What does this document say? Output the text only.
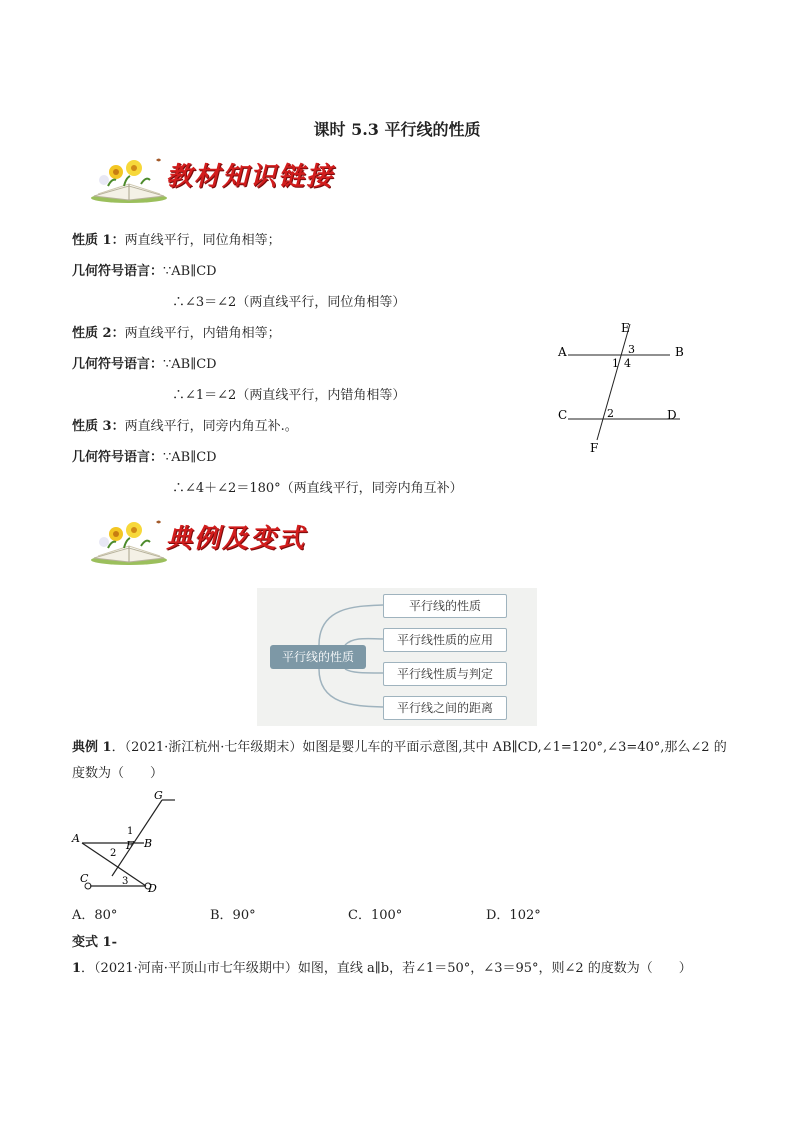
课时 5.3 平行线的性质
教材知识链接
性质 1：两直线平行，同位角相等；
几何符号语言：∵AB∥CD
∴∠3＝∠2（两直线平行，同位角相等）
性质 2：两直线平行，内错角相等；
几何符号语言：∵AB∥CD
∴∠1＝∠2（两直线平行，内错角相等）
性质 3：两直线平行，同旁内角互补.。
几何符号语言：∵AB∥CD
∴∠4＋∠2＝180°（两直线平行，同旁内角互补）
E
A	B
3
1 4
C	2	D
F
典例及变式
平行线的性质
平行线的性质
平行线性质的应用
平行线性质与判定
平行线之间的距离
典例 1．（2021·浙江杭州·七年级期末）如图是婴儿车的平面示意图,其中 AB∥CD,∠1=120°,∠3=40°,那么∠2 的度数为（　　）
G
A	B
F
1
2
C	3
D
A．80°	B．90°	C．100°	D．102°
变式 1-1．（2021·河南·平顶山市七年级期中）如图，直线 a∥b，若∠1＝50°，∠3＝95°，则∠2 的度数为（　　）
